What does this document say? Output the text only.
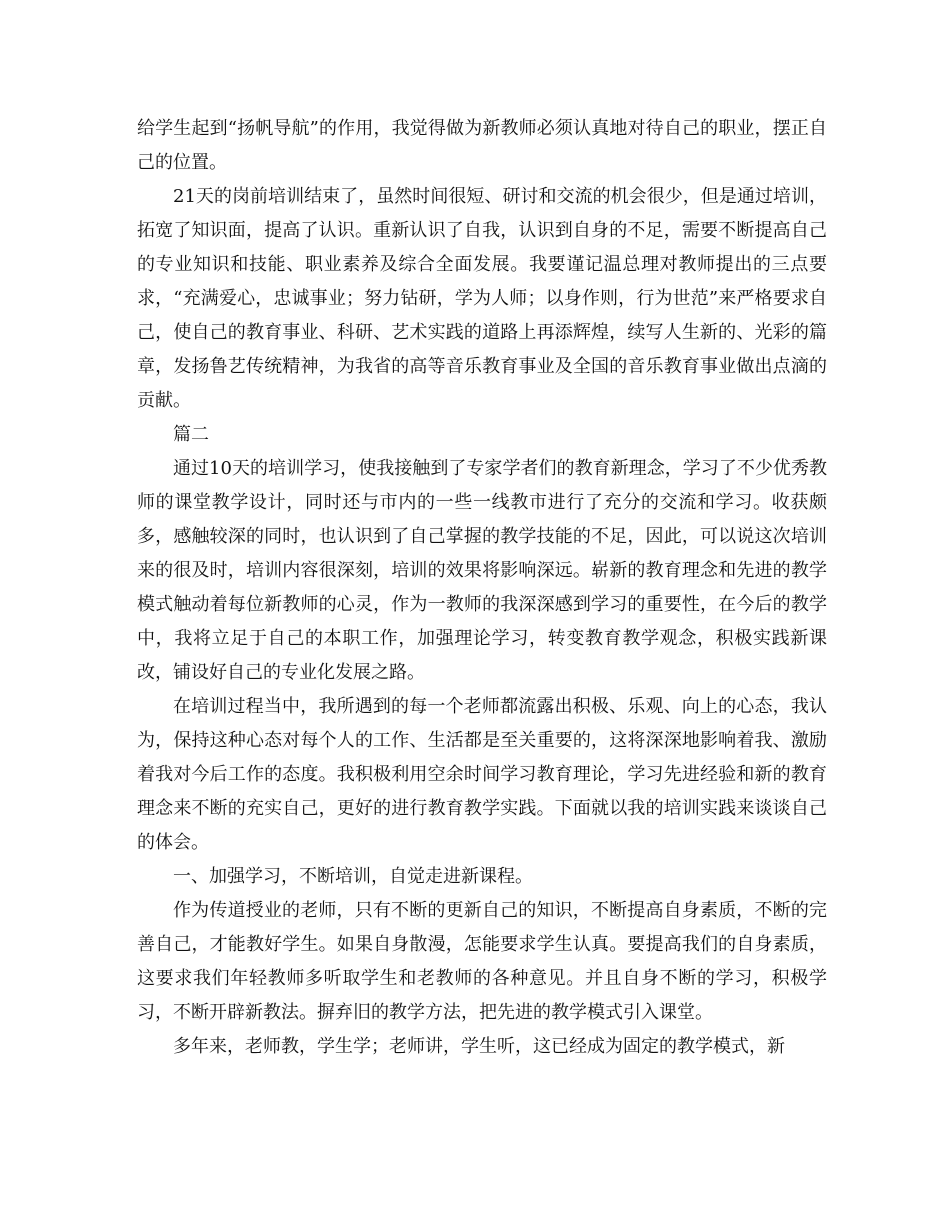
给学生起到“扬帆导航”的作用，我觉得做为新教师必须认真地对待自己的职业，摆正自己的位置。

21天的岗前培训结束了，虽然时间很短、研讨和交流的机会很少，但是通过培训，拓宽了知识面，提高了认识。重新认识了自我，认识到自身的不足，需要不断提高自己的专业知识和技能、职业素养及综合全面发展。我要谨记温总理对教师提出的三点要求，“充满爱心，忠诚事业；努力钻研，学为人师；以身作则，行为世范”来严格要求自己，使自己的教育事业、科研、艺术实践的道路上再添辉煌，续写人生新的、光彩的篇章，发扬鲁艺传统精神，为我省的高等音乐教育事业及全国的音乐教育事业做出点滴的贡献。

篇二

通过10天的培训学习，使我接触到了专家学者们的教育新理念，学习了不少优秀教师的课堂教学设计，同时还与市内的一些一线教市进行了充分的交流和学习。收获颇多，感触较深的同时，也认识到了自己掌握的教学技能的不足，因此，可以说这次培训来的很及时，培训内容很深刻，培训的效果将影响深远。崭新的教育理念和先进的教学模式触动着每位新教师的心灵，作为一教师的我深深感到学习的重要性，在今后的教学中，我将立足于自己的本职工作，加强理论学习，转变教育教学观念，积极实践新课改，铺设好自己的专业化发展之路。

在培训过程当中，我所遇到的每一个老师都流露出积极、乐观、向上的心态，我认为，保持这种心态对每个人的工作、生活都是至关重要的，这将深深地影响着我、激励着我对今后工作的态度。我积极利用空余时间学习教育理论，学习先进经验和新的教育理念来不断的充实自己，更好的进行教育教学实践。下面就以我的培训实践来谈谈自己的体会。

一、加强学习，不断培训，自觉走进新课程。

作为传道授业的老师，只有不断的更新自己的知识，不断提高自身素质，不断的完善自己，才能教好学生。如果自身散漫，怎能要求学生认真。要提高我们的自身素质，这要求我们年轻教师多听取学生和老教师的各种意见。并且自身不断的学习，积极学习，不断开辟新教法。摒弃旧的教学方法，把先进的教学模式引入课堂。

多年来，老师教，学生学；老师讲，学生听，这已经成为固定的教学模式，新
